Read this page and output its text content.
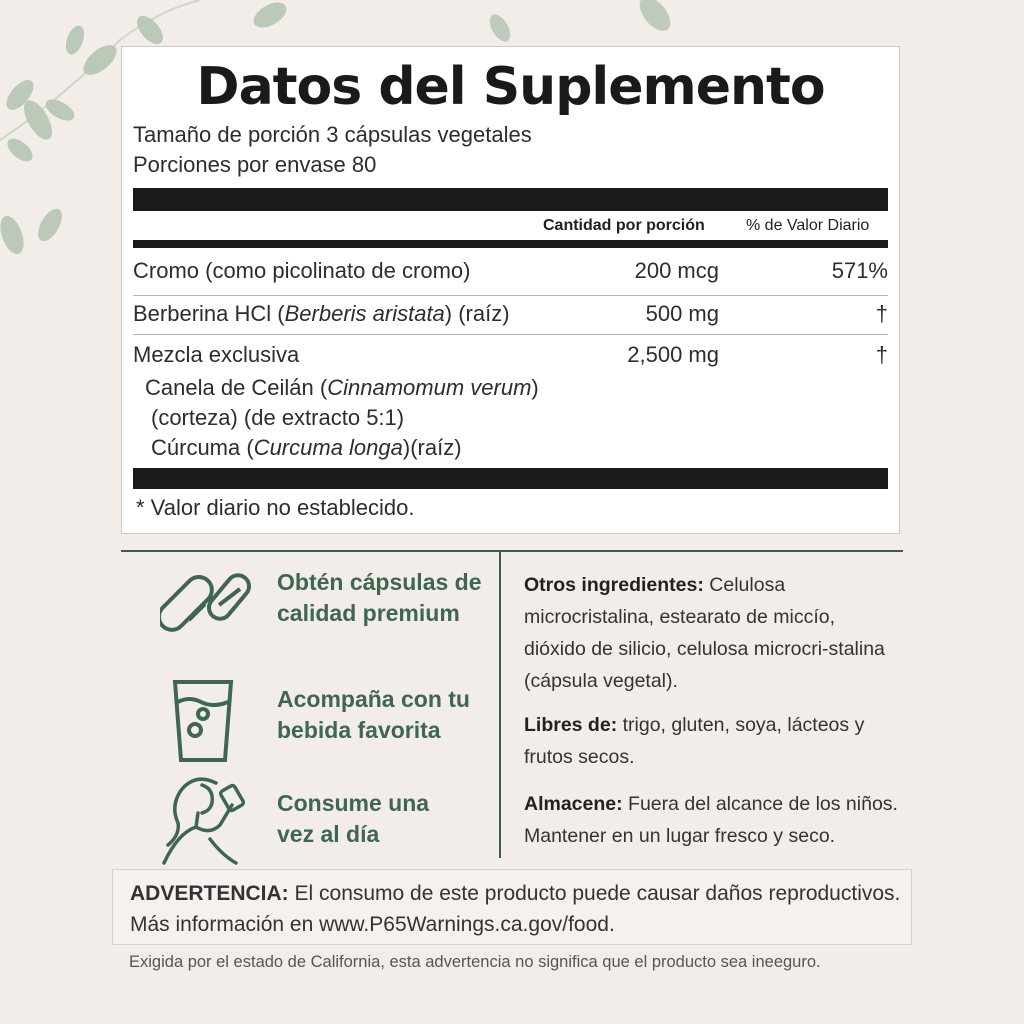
Datos del Suplemento
Tamaño de porción 3 cápsulas vegetales
Porciones por envase 80
Cantidad por porción	% de Valor Diario
Cromo (como picolinato de cromo)	200 mcg	571%
Berberina HCl (Berberis aristata) (raíz)	500 mg	†
Mezcla exclusiva	2,500 mg	†
Canela de Ceilán (Cinnamomum verum)
(corteza) (de extracto 5:1)
Cúrcuma (Curcuma longa)(raíz)
* Valor diario no establecido.
Obtén cápsulas de calidad premium
Acompaña con tu bebida favorita
Consume una vez al día
Otros ingredientes: Celulosa microcristalina, estearato de miccío, dióxido de silicio, celulosa microcri-stalina (cápsula vegetal).
Libres de: trigo, gluten, soya, lácteos y frutos secos.
Almacene: Fuera del alcance de los niños. Mantener en un lugar fresco y seco.
ADVERTENCIA: El consumo de este producto puede causar daños reproductivos. Más información en www.P65Warnings.ca.gov/food.
Exigida por el estado de California, esta advertencia no significa que el producto sea ineeguro.
